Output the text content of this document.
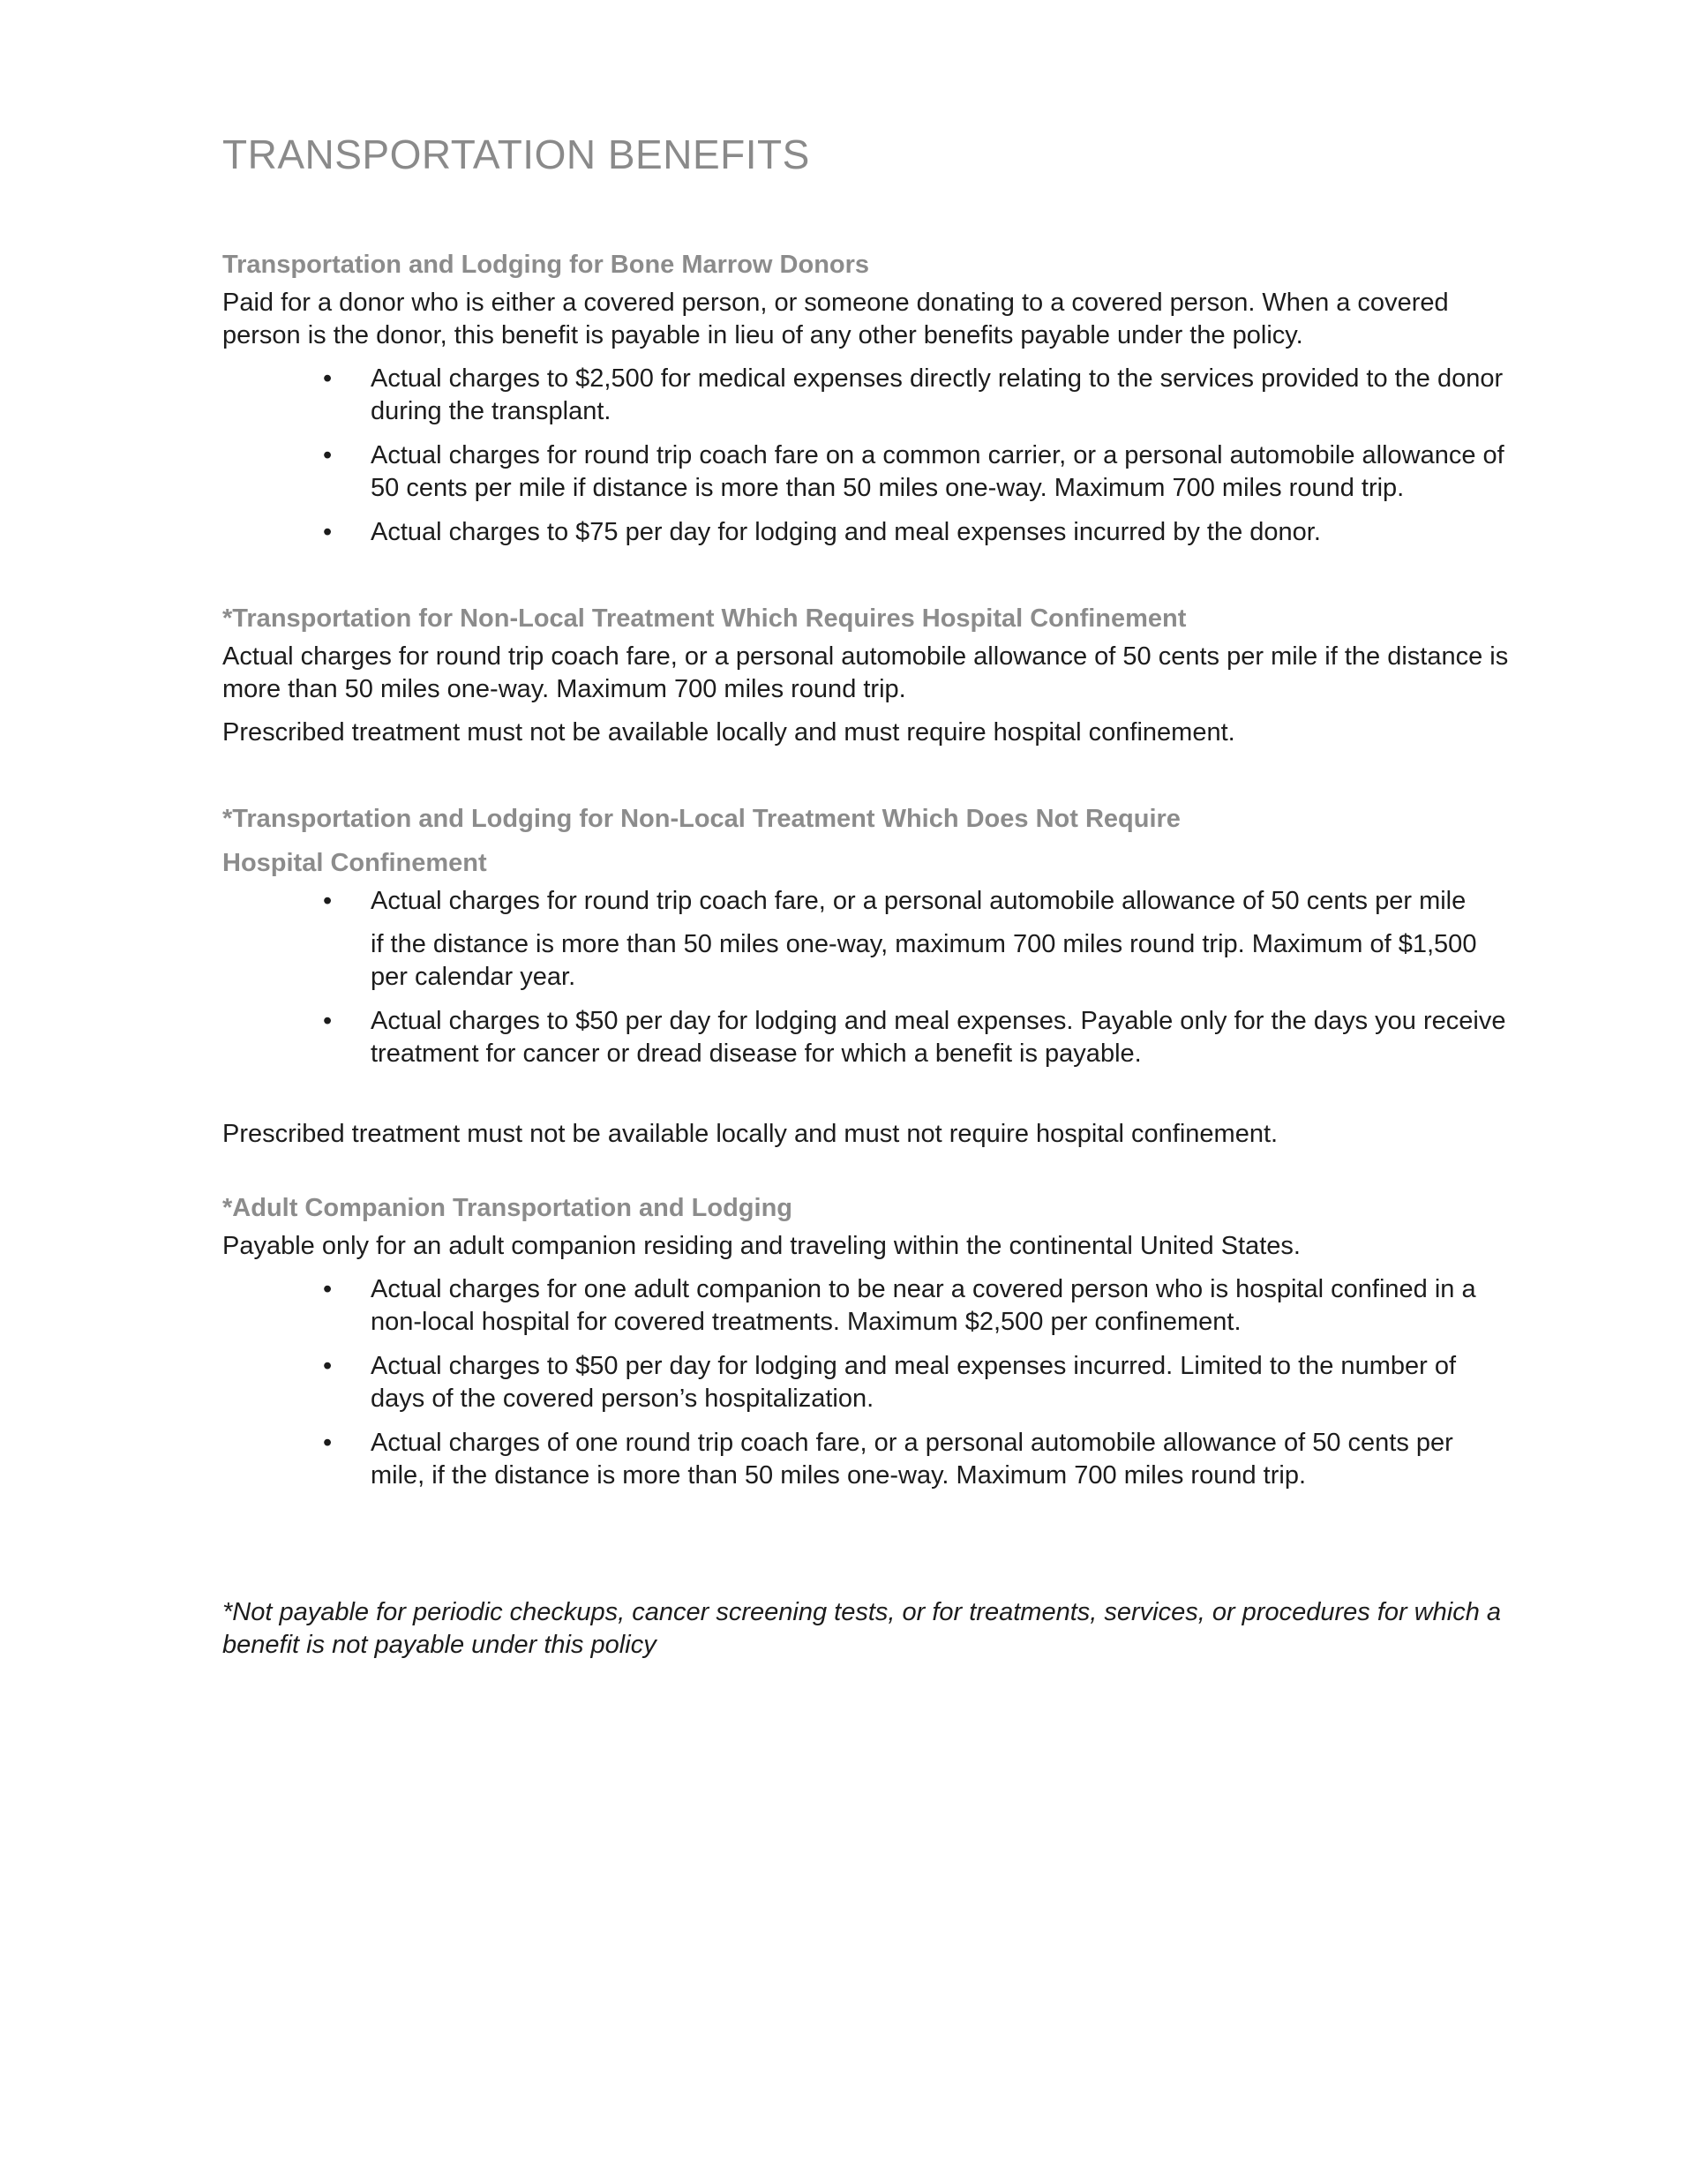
TRANSPORTATION BENEFITS
Transportation and Lodging for Bone Marrow Donors

Paid for a donor who is either a covered person, or someone donating to a covered person. When a covered person is the donor, this benefit is payable in lieu of any other benefits payable under the policy.

• Actual charges to $2,500 for medical expenses directly relating to the services provided to the donor during the transplant.
• Actual charges for round trip coach fare on a common carrier, or a personal automobile allowance of 50 cents per mile if distance is more than 50 miles one-way. Maximum 700 miles round trip.
• Actual charges to $75 per day for lodging and meal expenses incurred by the donor.
*Transportation for Non-Local Treatment Which Requires Hospital Confinement

Actual charges for round trip coach fare, or a personal automobile allowance of 50 cents per mile if the distance is more than 50 miles one-way. Maximum 700 miles round trip.

Prescribed treatment must not be available locally and must require hospital confinement.

*Transportation and Lodging for Non-Local Treatment Which Does Not Require
Hospital Confinement
• Actual charges for round trip coach fare, or a personal automobile allowance of 50 cents per mile
if the distance is more than 50 miles one-way, maximum 700 miles round trip. Maximum of $1,500 per calendar year.
• Actual charges to $50 per day for lodging and meal expenses. Payable only for the days you receive treatment for cancer or dread disease for which a benefit is payable.

Prescribed treatment must not be available locally and must not require hospital confinement.

*Adult Companion Transportation and Lodging

Payable only for an adult companion residing and traveling within the continental United States.

• Actual charges for one adult companion to be near a covered person who is hospital confined in a non-local hospital for covered treatments. Maximum $2,500 per confinement.
• Actual charges to $50 per day for lodging and meal expenses incurred. Limited to the number of days of the covered person’s hospitalization.
• Actual charges of one round trip coach fare, or a personal automobile allowance of 50 cents per mile, if the distance is more than 50 miles one-way. Maximum 700 miles round trip.

*Not payable for periodic checkups, cancer screening tests, or for treatments, services, or procedures for which a benefit is not payable under this policy
